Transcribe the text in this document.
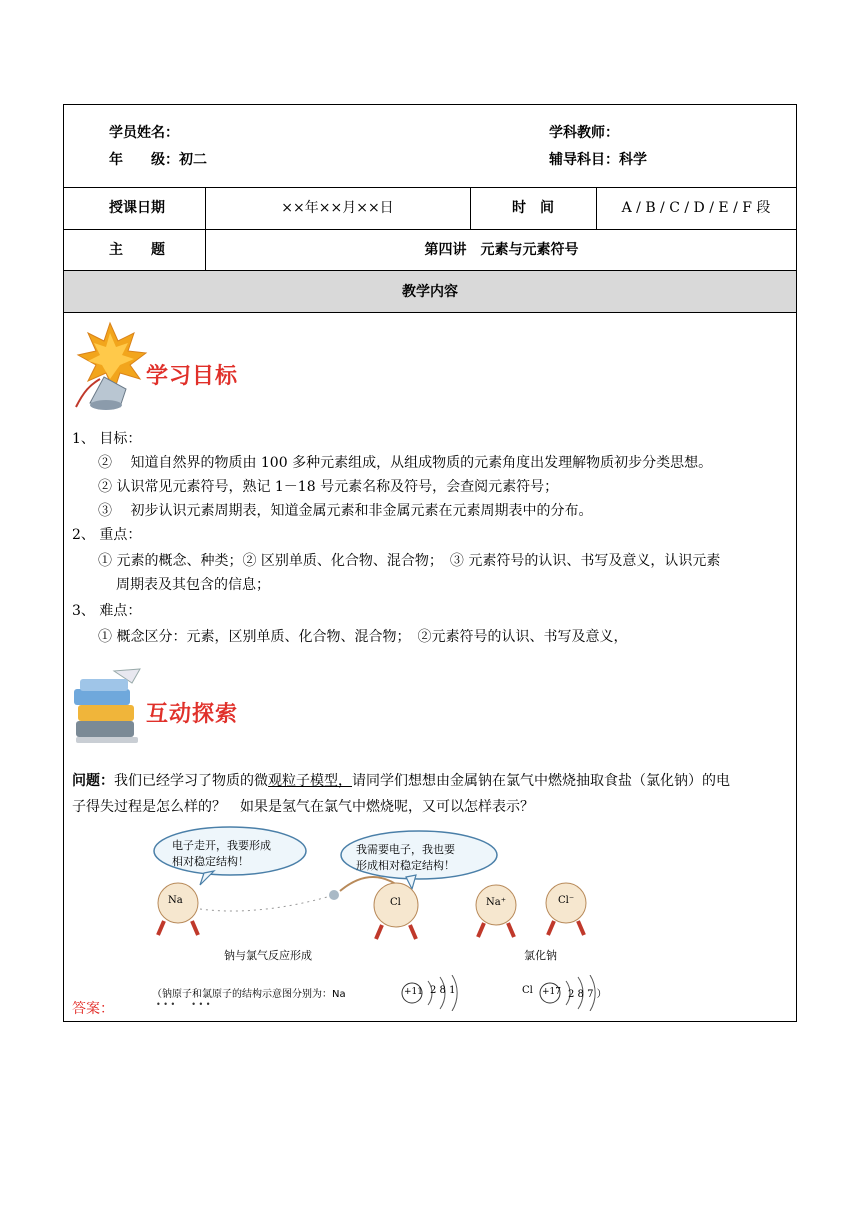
学员姓名：	学科教师：
年　　级：初二	辅导科目：科学
授课日期	××年××月××日	时　间	A / B / C / D / E / F 段
主　　题	第四讲　元素与元素符号
教学内容
学习目标
1、 目标：
② 　知道自然界的物质由 100 多种元素组成，从组成物质的元素角度出发理解物质初步分类思想。
② 认识常见元素符号，熟记 1－18 号元素名称及符号，会查阅元素符号；
③ 　初步认识元素周期表，知道金属元素和非金属元素在元素周期表中的分布。
2、 重点：
① 元素的概念、种类；② 区别单质、化合物、混合物；　③ 元素符号的认识、书写及意义，认识元素
周期表及其包含的信息；
3、 难点：
① 概念区分：元素，区别单质、化合物、混合物；　②元素符号的认识、书写及意义，
互动探索
问题：我们已经学习了物质的微观粒子模型，请同学们想想由金属钠在氯气中燃烧抽取食盐（氯化钠）的电
子得失过程是怎么样的？　如果是氢气在氯气中燃烧呢，又可以怎样表示？
电子走开，我要形成
相对稳定结构！
我需要电子，我也要
形成相对稳定结构！
Na	Cl	Na⁺	Cl⁻
钠与氯气反应形成	氯化钠
（钠原子和氯原子的结构示意图分别为：Na
• • •　　• • •
+11 2 8 1	Cl +17 2 8 7 ）
答案：
